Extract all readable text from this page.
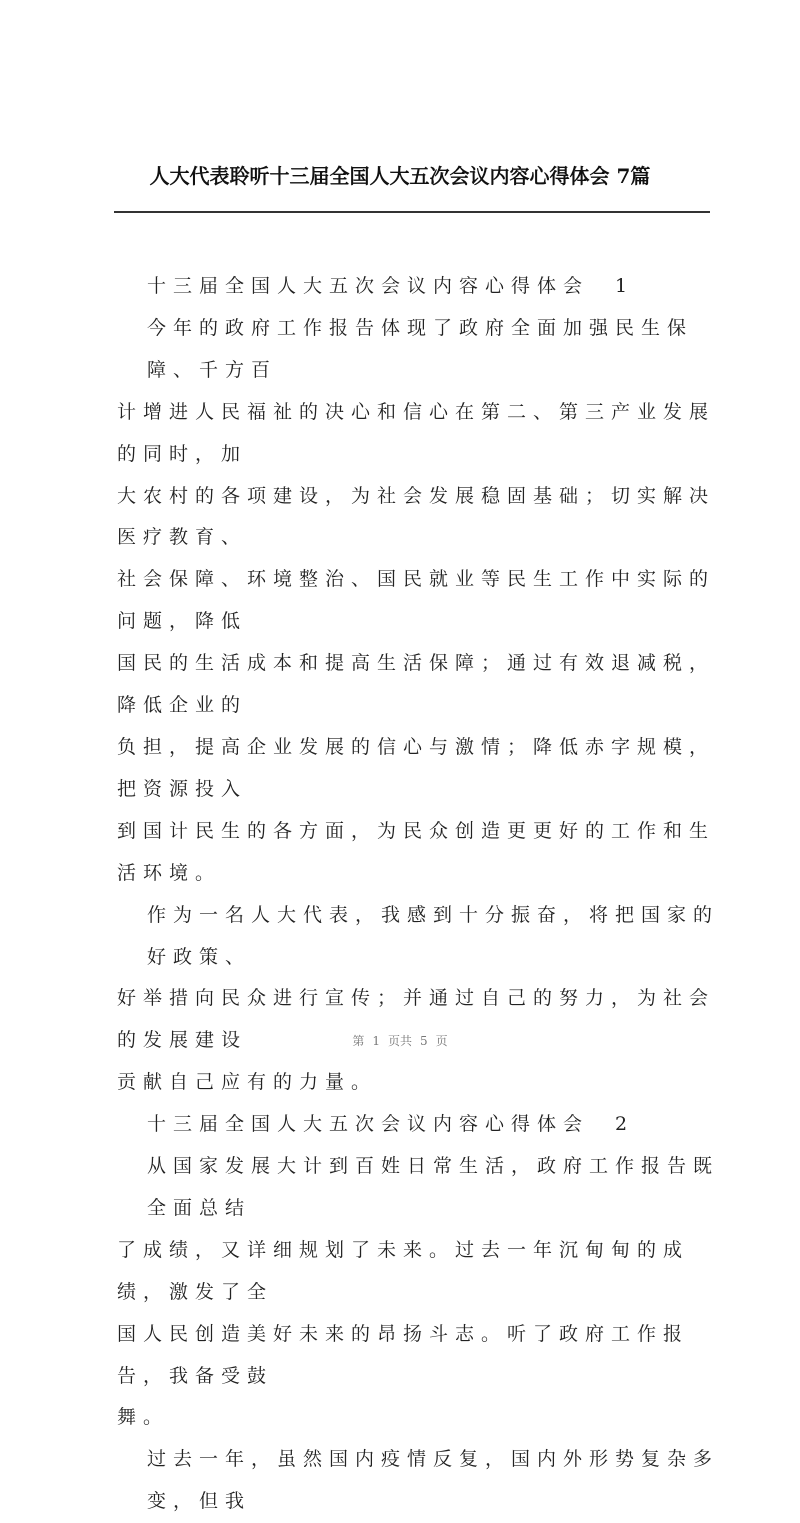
人大代表聆听十三届全国人大五次会议内容心得体会 7篇
十三届全国人大五次会议内容心得体会　1
今年的政府工作报告体现了政府全面加强民生保障、千方百
计增进人民福祉的决心和信心在第二、第三产业发展的同时，加
大农村的各项建设，为社会发展稳固基础；切实解决医疗教育、
社会保障、环境整治、国民就业等民生工作中实际的问题，降低
国民的生活成本和提高生活保障；通过有效退减税，降低企业的
负担，提高企业发展的信心与激情；降低赤字规模，把资源投入
到国计民生的各方面，为民众创造更更好的工作和生活环境。
作为一名人大代表，我感到十分振奋，将把国家的好政策、
好举措向民众进行宣传；并通过自己的努力，为社会的发展建设
贡献自己应有的力量。
十三届全国人大五次会议内容心得体会　2
从国家发展大计到百姓日常生活，政府工作报告既全面总结
了成绩，又详细规划了未来。过去一年沉甸甸的成绩，激发了全
国人民创造美好未来的昂扬斗志。听了政府工作报告，我备受鼓
舞。
过去一年，虽然国内疫情反复，国内外形势复杂多变，但我
第 1 页共 5 页
